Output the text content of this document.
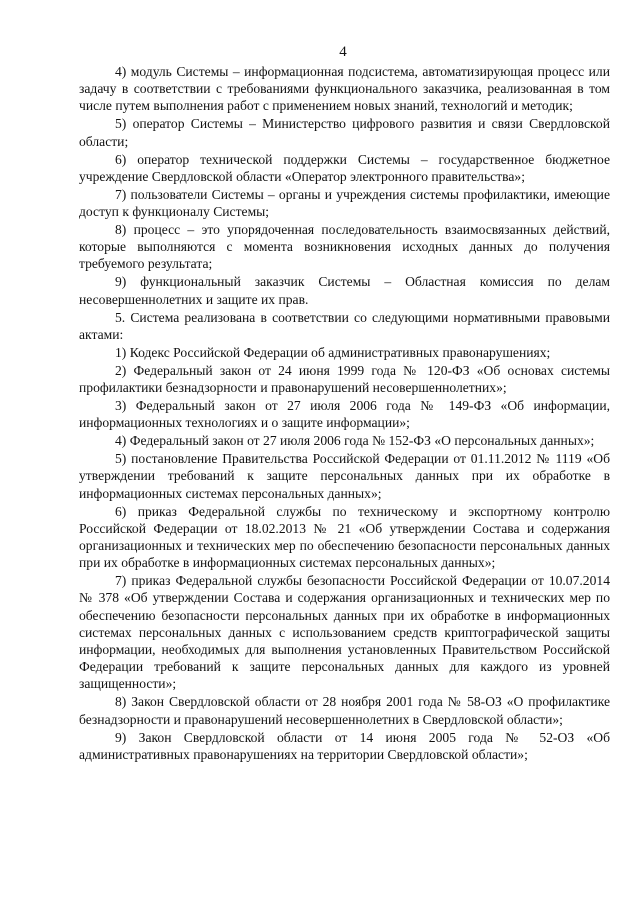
4

4) модуль Системы – информационная подсистема, автоматизирующая процесс или задачу в соответствии с требованиями функционального заказчика, реализованная в том числе путем выполнения работ с применением новых знаний, технологий и методик;

5) оператор Системы – Министерство цифрового развития и связи Свердловской области;

6) оператор технической поддержки Системы – государственное бюджетное учреждение Свердловской области «Оператор электронного правительства»;

7) пользователи Системы – органы и учреждения системы профилактики, имеющие доступ к функционалу Системы;

8) процесс – это упорядоченная последовательность взаимосвязанных действий, которые выполняются с момента возникновения исходных данных до получения требуемого результата;

9) функциональный заказчик Системы – Областная комиссия по делам несовершеннолетних и защите их прав.

5. Система реализована в соответствии со следующими нормативными правовыми актами:

1) Кодекс Российской Федерации об административных правонарушениях;

2) Федеральный закон от 24 июня 1999 года № 120-ФЗ «Об основах системы профилактики безнадзорности и правонарушений несовершеннолетних»;

3) Федеральный закон от 27 июля 2006 года № 149-ФЗ «Об информации, информационных технологиях и о защите информации»;

4) Федеральный закон от 27 июля 2006 года № 152-ФЗ «О персональных данных»;

5) постановление Правительства Российской Федерации от 01.11.2012 № 1119 «Об утверждении требований к защите персональных данных при их обработке в информационных системах персональных данных»;

6) приказ Федеральной службы по техническому и экспортному контролю Российской Федерации от 18.02.2013 № 21 «Об утверждении Состава и содержания организационных и технических мер по обеспечению безопасности персональных данных при их обработке в информационных системах персональных данных»;

7) приказ Федеральной службы безопасности Российской Федерации от 10.07.2014 № 378 «Об утверждении Состава и содержания организационных и технических мер по обеспечению безопасности персональных данных при их обработке в информационных системах персональных данных с использованием средств криптографической защиты информации, необходимых для выполнения установленных Правительством Российской Федерации требований к защите персональных данных для каждого из уровней защищенности»;

8) Закон Свердловской области от 28 ноября 2001 года № 58-ОЗ «О профилактике безнадзорности и правонарушений несовершеннолетних в Свердловской области»;

9) Закон Свердловской области от 14 июня 2005 года № 52-ОЗ «Об административных правонарушениях на территории Свердловской области»;
